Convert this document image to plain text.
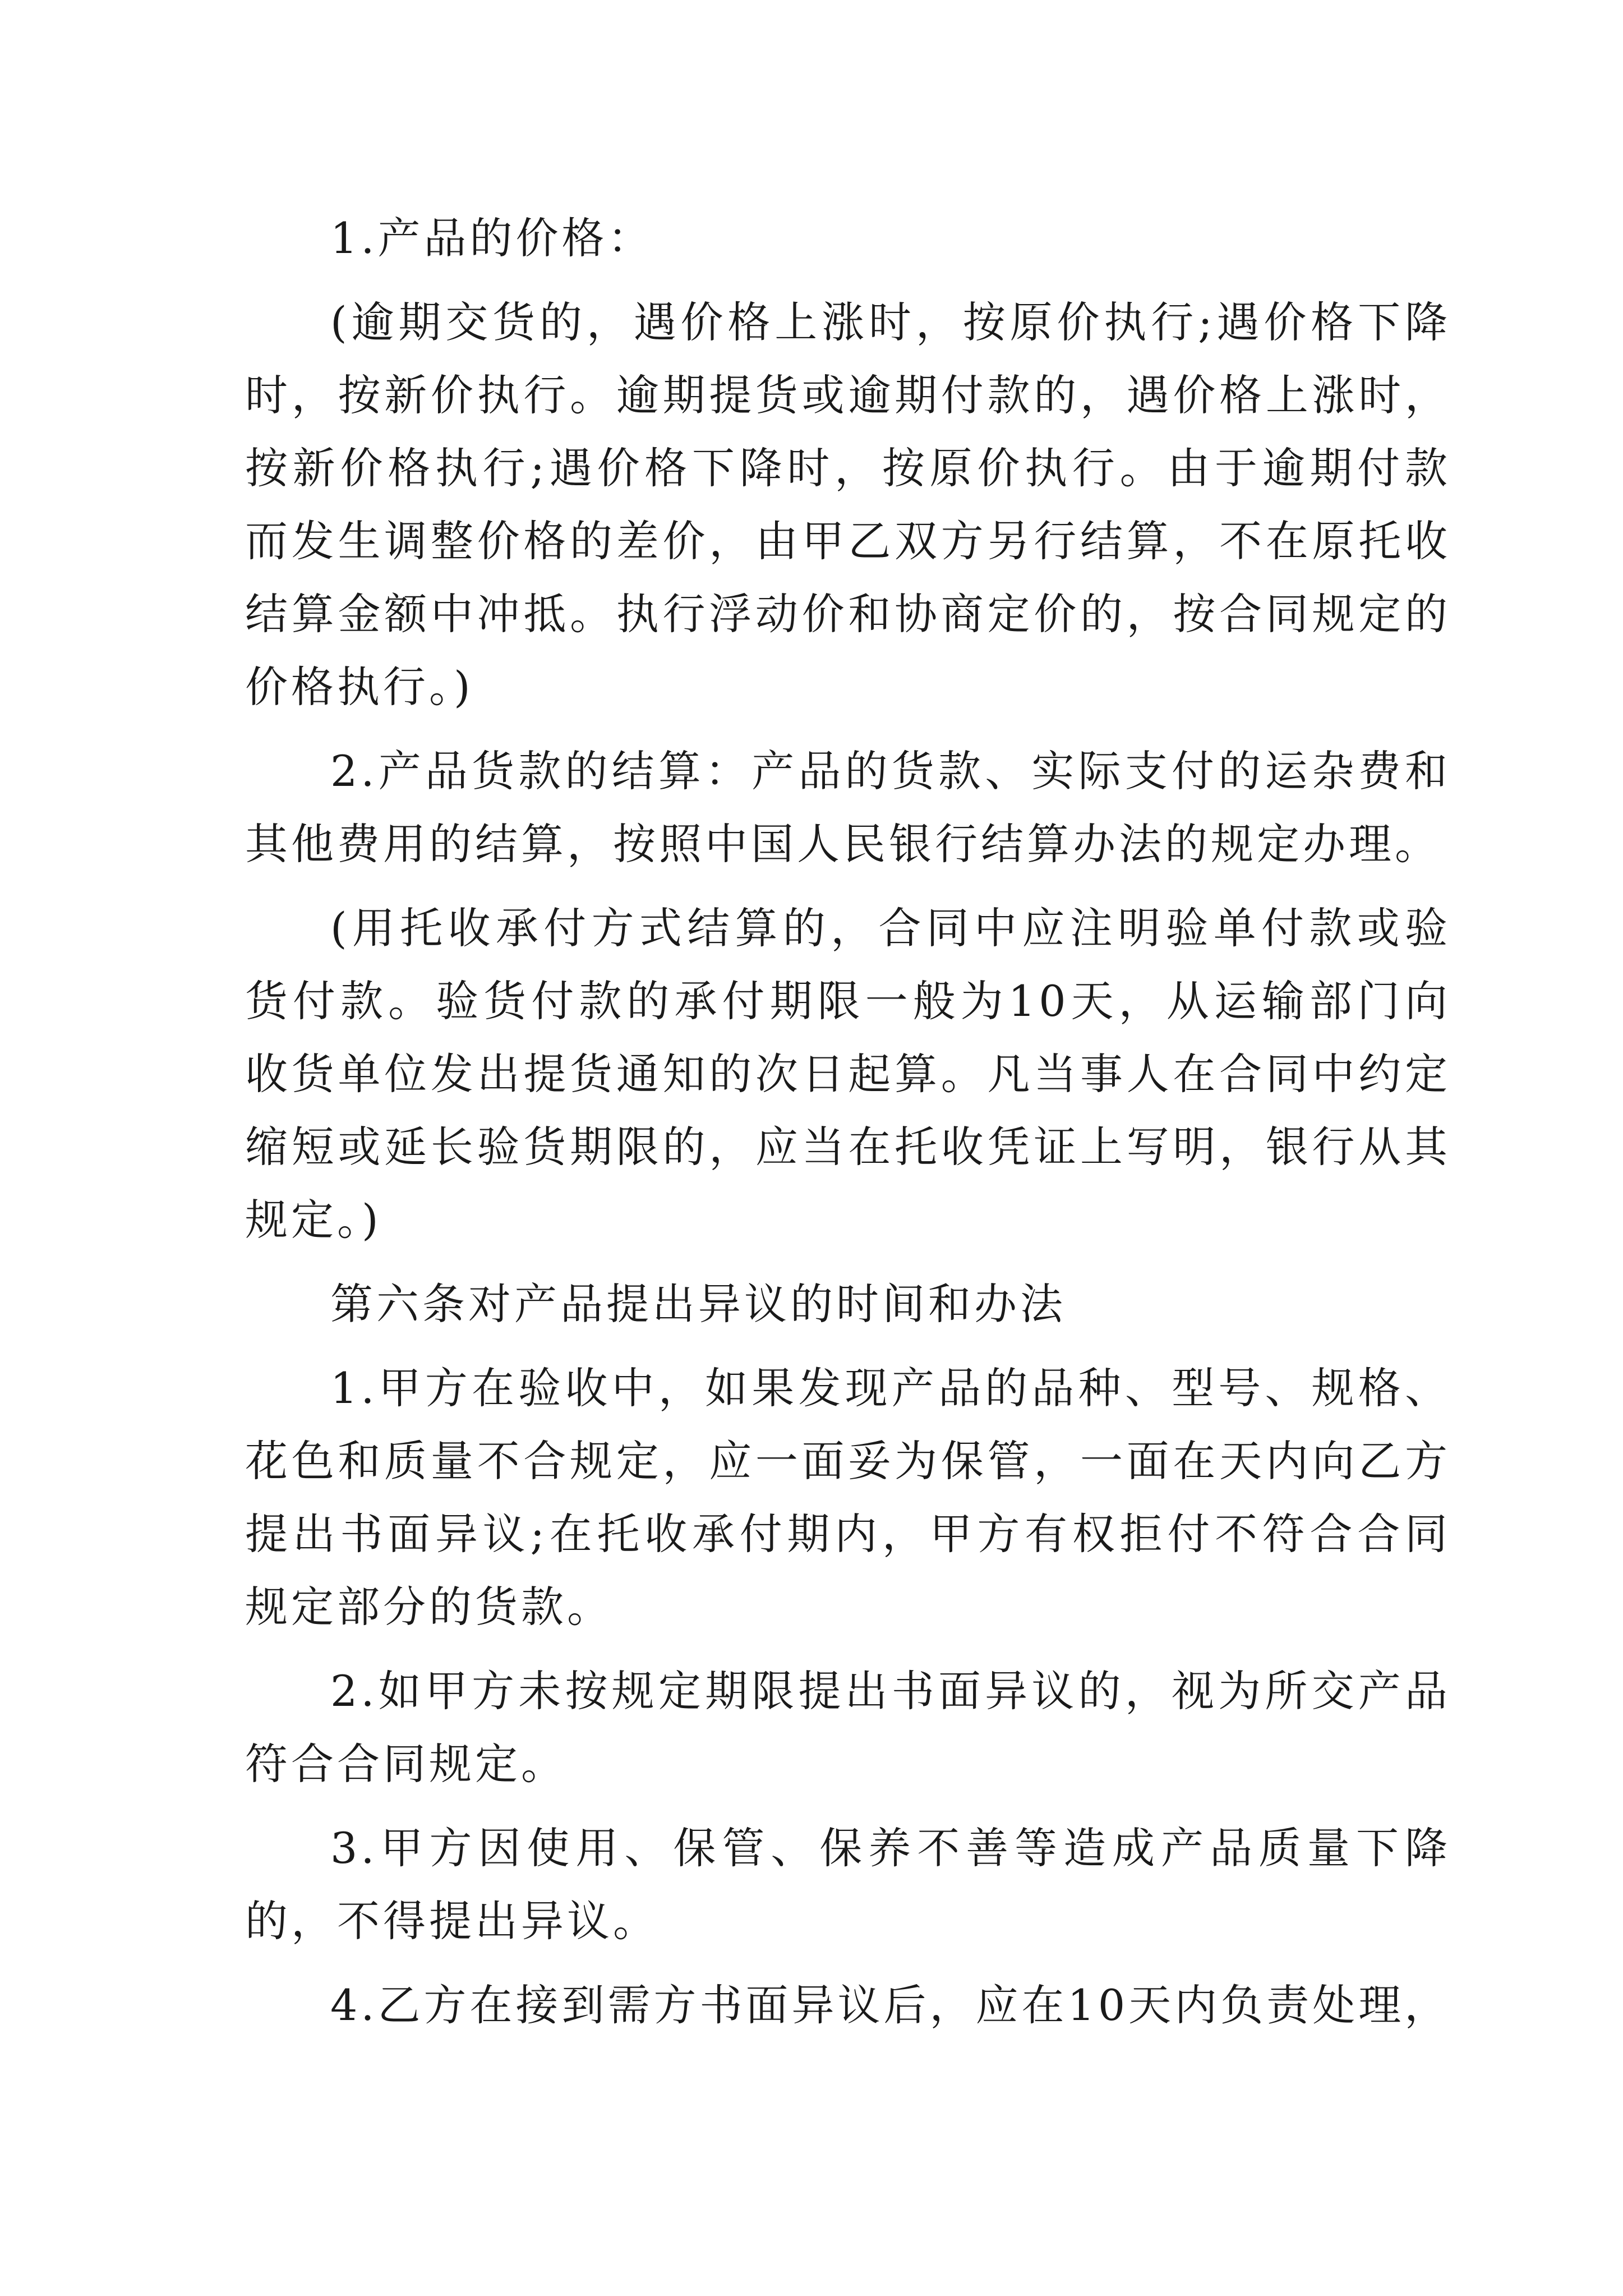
1.产品的价格：

(逾期交货的，遇价格上涨时，按原价执行;遇价格下降时，按新价执行。逾期提货或逾期付款的，遇价格上涨时，按新价格执行;遇价格下降时，按原价执行。由于逾期付款而发生调整价格的差价，由甲乙双方另行结算，不在原托收结算金额中冲抵。执行浮动价和协商定价的，按合同规定的价格执行。)

2.产品货款的结算：产品的货款、实际支付的运杂费和其他费用的结算，按照中国人民银行结算办法的规定办理。

(用托收承付方式结算的，合同中应注明验单付款或验货付款。验货付款的承付期限一般为10天，从运输部门向收货单位发出提货通知的次日起算。凡当事人在合同中约定缩短或延长验货期限的，应当在托收凭证上写明，银行从其规定。)

第六条对产品提出异议的时间和办法

1.甲方在验收中，如果发现产品的品种、型号、规格、花色和质量不合规定，应一面妥为保管，一面在天内向乙方提出书面异议;在托收承付期内，甲方有权拒付不符合合同规定部分的货款。

2.如甲方未按规定期限提出书面异议的，视为所交产品符合合同规定。

3.甲方因使用、保管、保养不善等造成产品质量下降的，不得提出异议。

4.乙方在接到需方书面异议后，应在10天内负责处理，
